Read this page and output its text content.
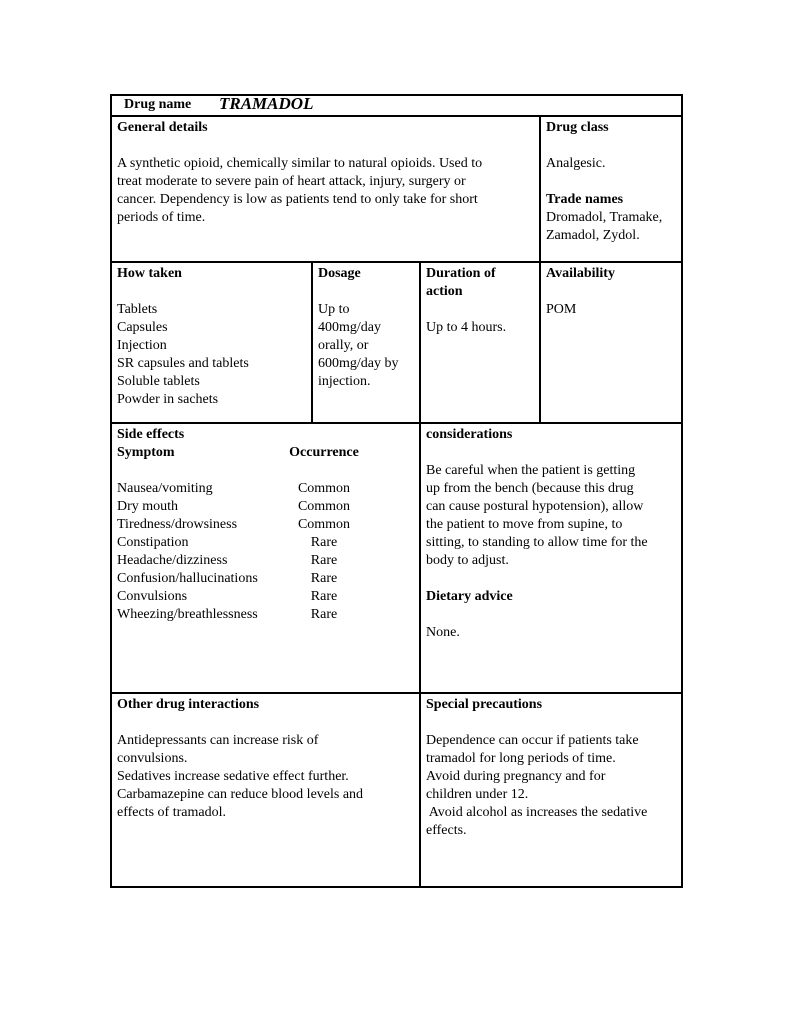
Drug name TRAMADOL
General details
A synthetic opioid, chemically similar to natural opioids. Used to
treat moderate to severe pain of heart attack, injury, surgery or
cancer. Dependency is low as patients tend to only take for short
periods of time.
Drug class
Analgesic.
Trade names
Dromadol, Tramake,
Zamadol, Zydol.
How taken
Tablets
Capsules
Injection
SR capsules and tablets
Soluble tablets
Powder in sachets
Dosage
Up to
400mg/day
orally, or
600mg/day by
injection.
Duration of
action
Up to 4 hours.
Availability
POM
Side effects
Symptom	Occurrence

Nausea/vomiting	Common
Dry mouth	Common
Tiredness/drowsiness	Common
Constipation	Rare
Headache/dizziness	Rare
Confusion/hallucinations	Rare
Convulsions	Rare
Wheezing/breathlessness	Rare
considerations
Be careful when the patient is getting
up from the bench (because this drug
can cause postural hypotension), allow
the patient to move from supine, to
sitting, to standing to allow time for the
body to adjust.
Dietary advice
None.
Other drug interactions
Antidepressants can increase risk of
convulsions.
Sedatives increase sedative effect further.
Carbamazepine can reduce blood levels and
effects of tramadol.
Special precautions
Dependence can occur if patients take
tramadol for long periods of time.
Avoid during pregnancy and for
children under 12.
Avoid alcohol as increases the sedative
effects.
